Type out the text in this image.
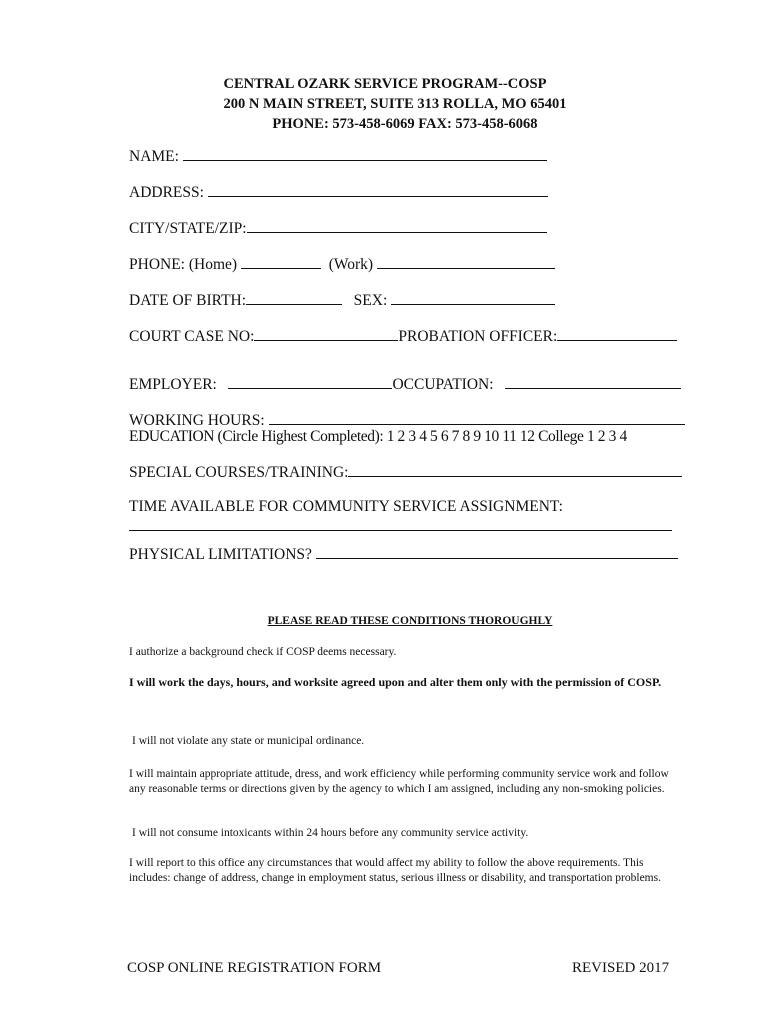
CENTRAL OZARK SERVICE PROGRAM--COSP
200 N MAIN STREET, SUITE 313 ROLLA, MO 65401
PHONE: 573-458-6069 FAX: 573-458-6068
NAME:
ADDRESS:
CITY/STATE/ZIP:
PHONE: (Home)	(Work)
DATE OF BIRTH:	SEX:
COURT CASE NO:	PROBATION OFFICER:
EMPLOYER:	OCCUPATION:
WORKING HOURS:
EDUCATION (Circle Highest Completed): 1 2 3 4 5 6 7 8 9 10 11 12 College 1 2 3 4
SPECIAL COURSES/TRAINING:
TIME AVAILABLE FOR COMMUNITY SERVICE ASSIGNMENT:
PHYSICAL LIMITATIONS?
PLEASE READ THESE CONDITIONS THOROUGHLY
I authorize a background check if COSP deems necessary.
I will work the days, hours, and worksite agreed upon and alter them only with the permission of COSP.
I will not violate any state or municipal ordinance.
I will maintain appropriate attitude, dress, and work efficiency while performing community service work and follow any reasonable terms or directions given by the agency to which I am assigned, including any non-smoking policies.
I will not consume intoxicants within 24 hours before any community service activity.
I will report to this office any circumstances that would affect my ability to follow the above requirements. This includes: change of address, change in employment status, serious illness or disability, and transportation problems.
COSP ONLINE REGISTRATION FORM	REVISED 2017
